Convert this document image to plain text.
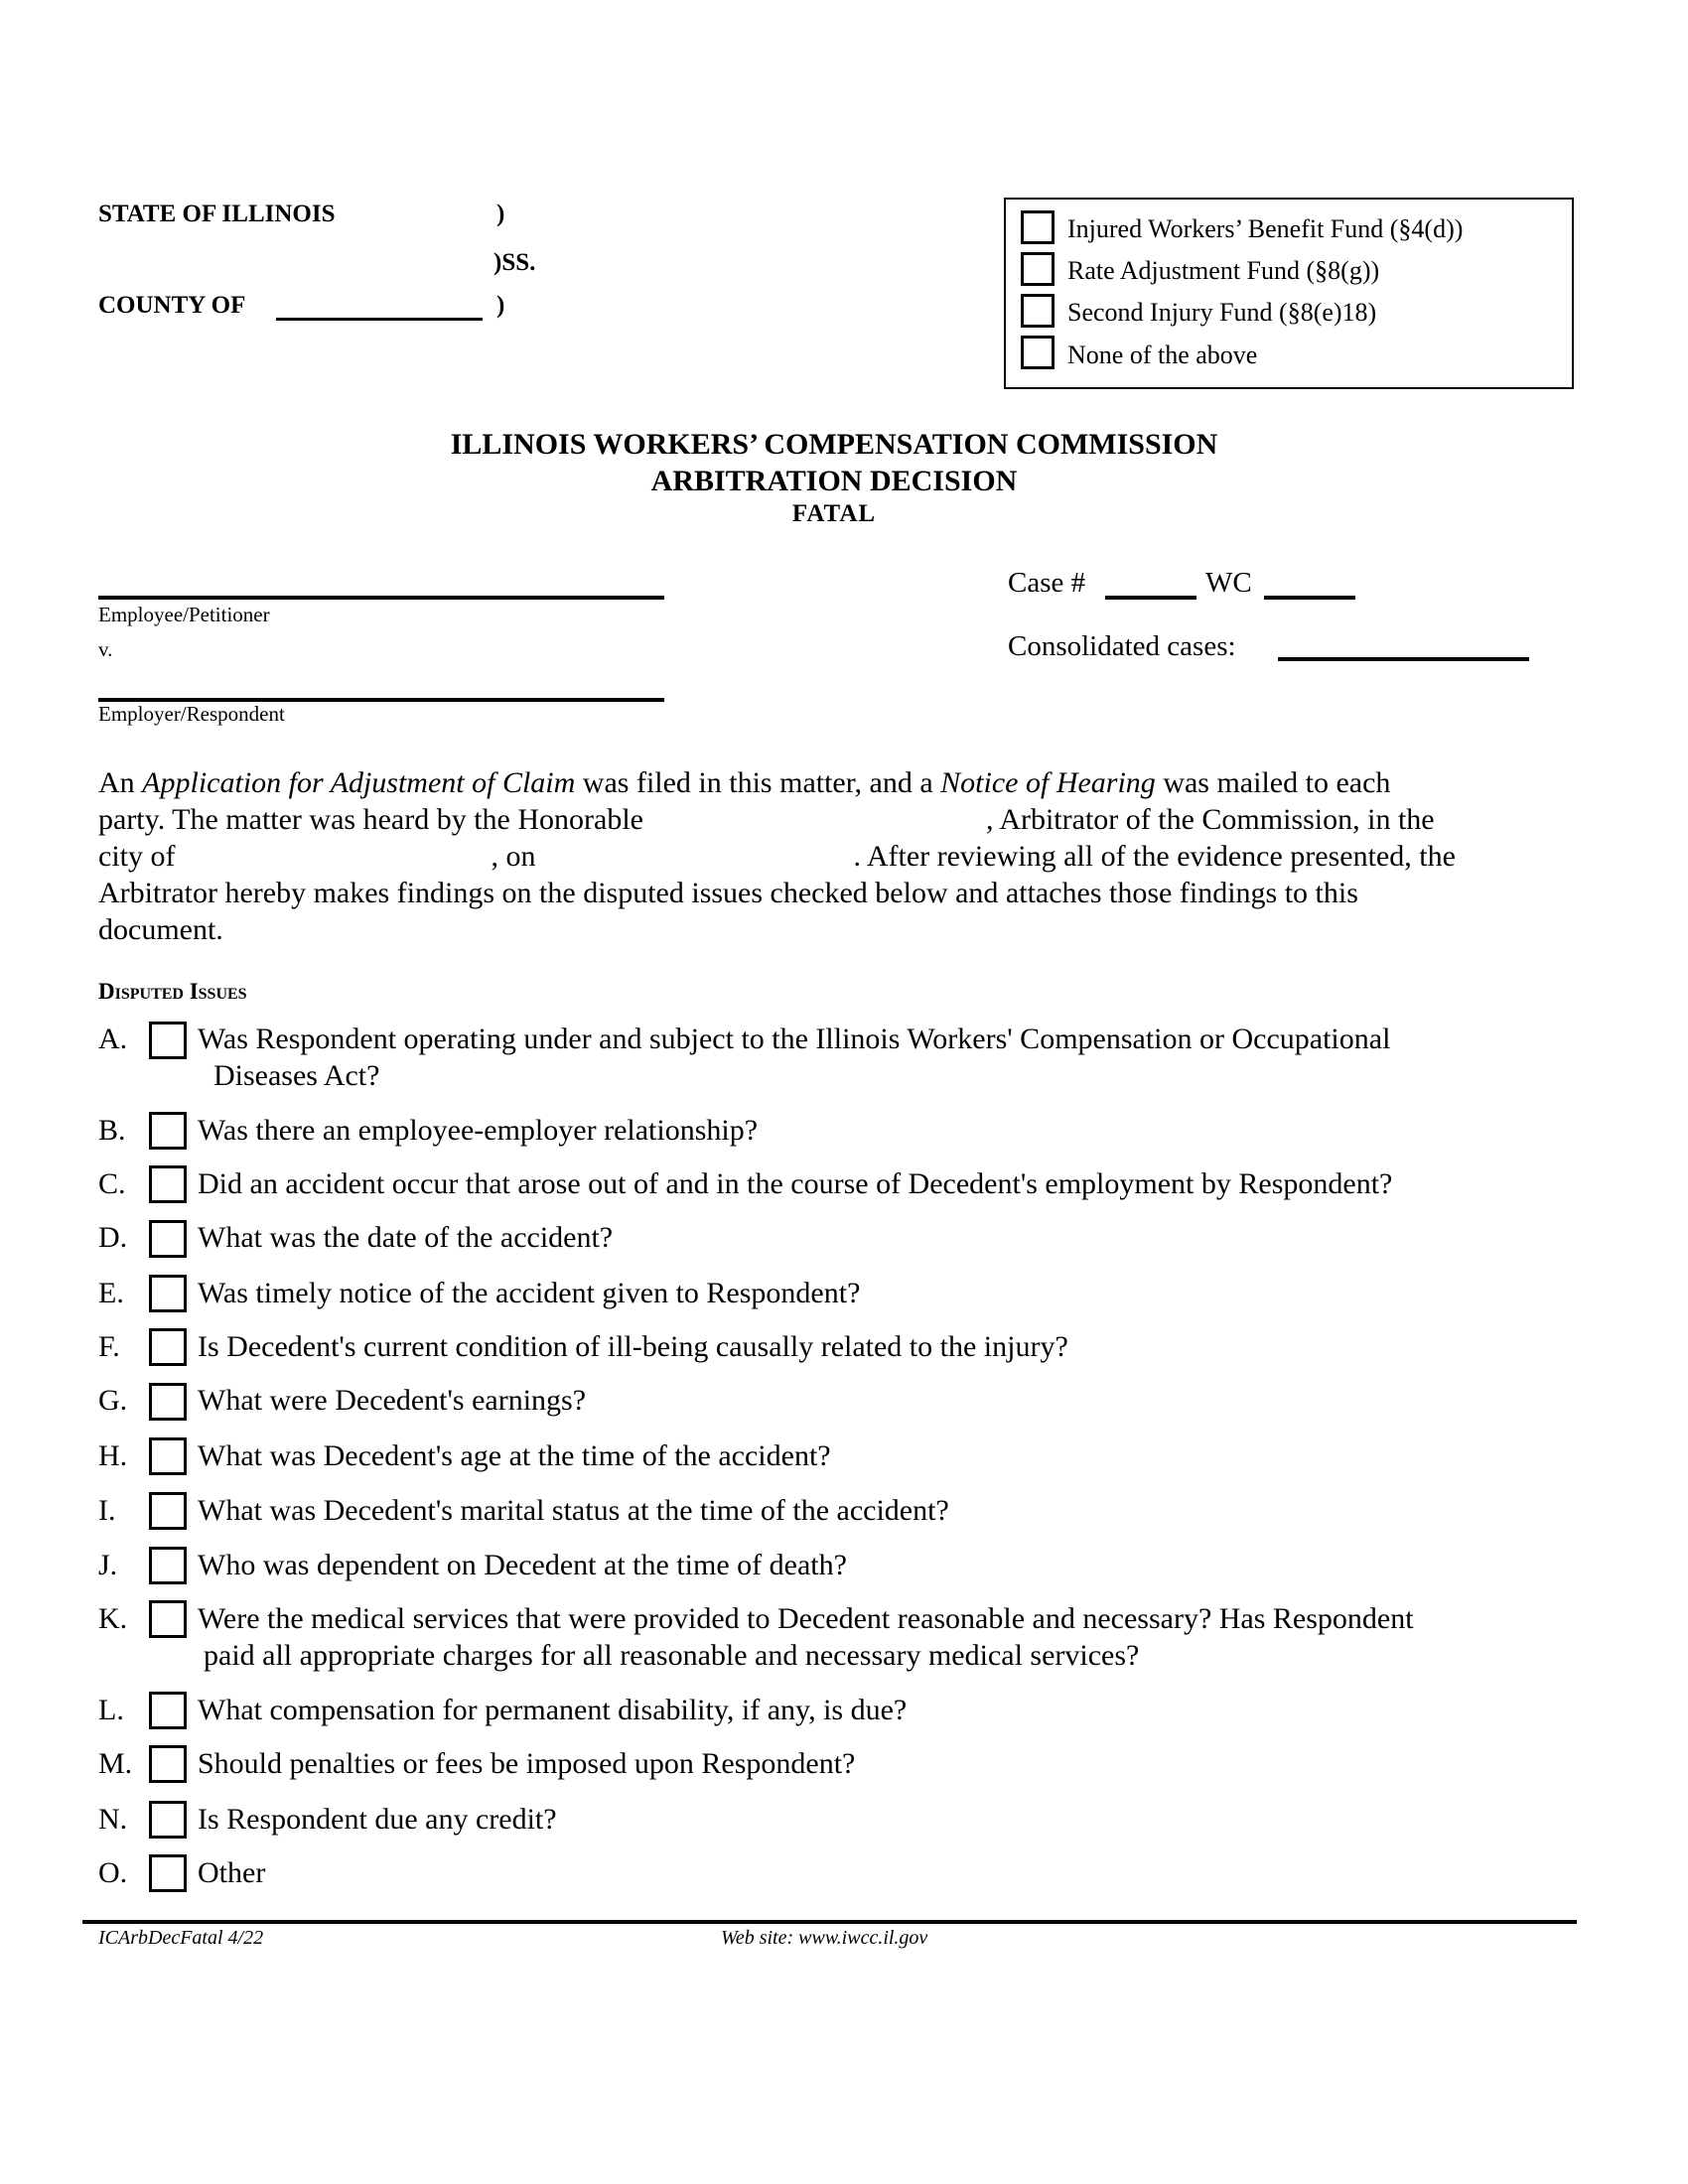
STATE OF ILLINOIS	)
)SS.
COUNTY OF	)
Injured Workers’ Benefit Fund (§4(d))
Rate Adjustment Fund (§8(g))
Second Injury Fund (§8(e)18)
None of the above
ILLINOIS WORKERS’ COMPENSATION COMMISSION
ARBITRATION DECISION
FATAL
Employee/Petitioner
v.
Employer/Respondent
Case #	WC
Consolidated cases:
An Application for Adjustment of Claim was filed in this matter, and a Notice of Hearing was mailed to each
party. The matter was heard by the Honorable	, Arbitrator of the Commission, in the
city of	, on	. After reviewing all of the evidence presented, the
Arbitrator hereby makes findings on the disputed issues checked below and attaches those findings to this
document.
Disputed Issues
A. Was Respondent operating under and subject to the Illinois Workers' Compensation or Occupational
Diseases Act?
B. Was there an employee-employer relationship?
C. Did an accident occur that arose out of and in the course of Decedent's employment by Respondent?
D. What was the date of the accident?
E. Was timely notice of the accident given to Respondent?
F.	Is Decedent's current condition of ill-being causally related to the injury?
G. What were Decedent's earnings?
H. What was Decedent's age at the time of the accident?
I.	What was Decedent's marital status at the time of the accident?
J.	Who was dependent on Decedent at the time of death?
K. Were the medical services that were provided to Decedent reasonable and necessary? Has Respondent
paid all appropriate charges for all reasonable and necessary medical services?
L. What compensation for permanent disability, if any, is due?
M. Should penalties or fees be imposed upon Respondent?
N. Is Respondent due any credit?
O. Other
ICArbDecFatal 4/22	Web site: www.iwcc.il.gov
